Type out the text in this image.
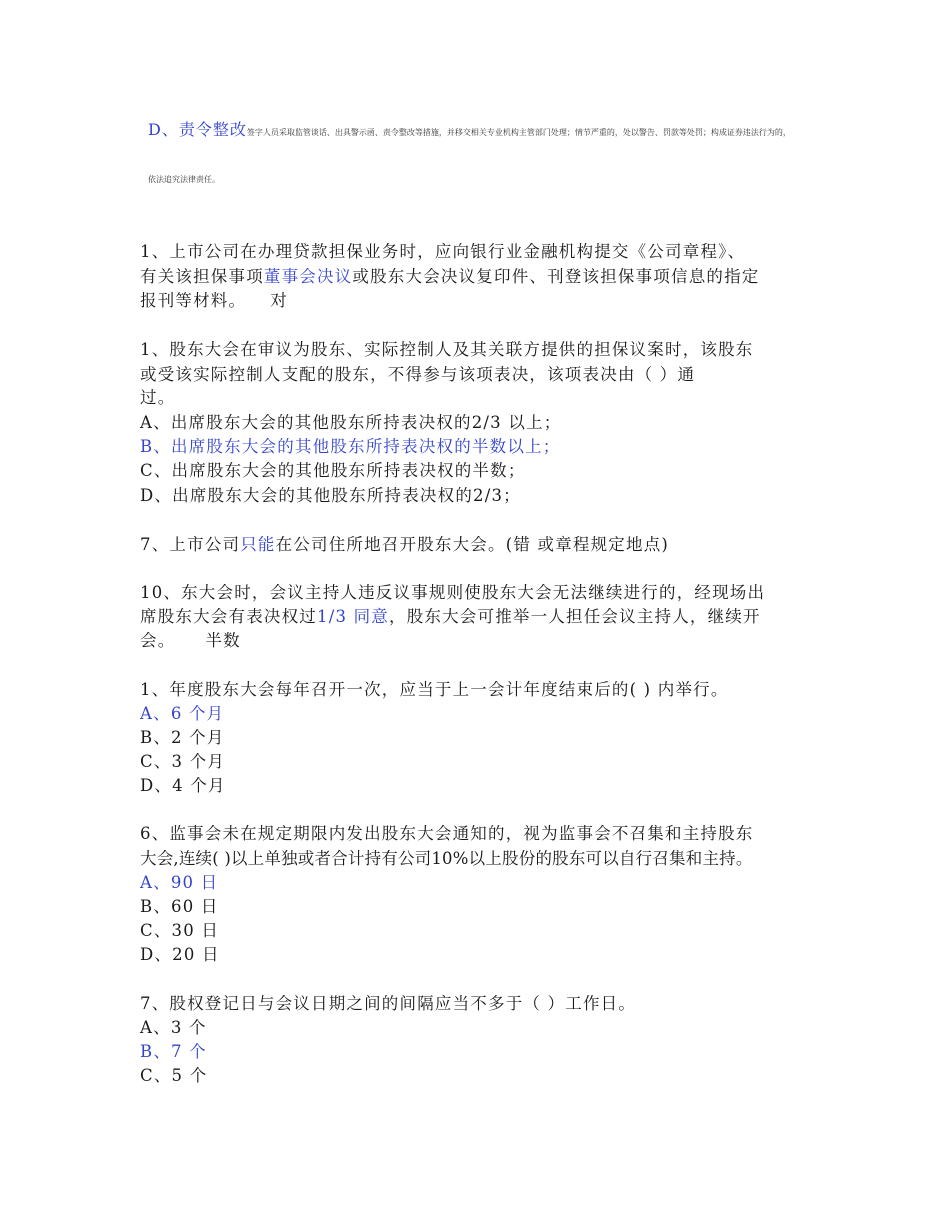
D、责令整改签字人员采取监管谈话、出具警示函、责令整改等措施，并移交相关专业机构主管部门处理；情节严重的，处以警告、罚款等处罚；构成证券违法行为的，
依法追究法律责任。
1、上市公司在办理贷款担保业务时，应向银行业金融机构提交《公司章程》、
有关该担保事项董事会决议或股东大会决议复印件、刊登该担保事项信息的指定
报刊等材料。 对
1、股东大会在审议为股东、实际控制人及其关联方提供的担保议案时，该股东
或受该实际控制人支配的股东，不得参与该项表决，该项表决由（ ）通
过。
A、出席股东大会的其他股东所持表决权的2/3 以上；
B、出席股东大会的其他股东所持表决权的半数以上；
C、出席股东大会的其他股东所持表决权的半数；
D、出席股东大会的其他股东所持表决权的2/3；
7、上市公司只能在公司住所地召开股东大会。(错 或章程规定地点)
10、东大会时，会议主持人违反议事规则使股东大会无法继续进行的，经现场出
席股东大会有表决权过1/3 同意，股东大会可推举一人担任会议主持人，继续开
会。 半数
1、年度股东大会每年召开一次，应当于上一会计年度结束后的( ) 内举行。
A、6 个月
B、2 个月
C、3 个月
D、4 个月
6、监事会未在规定期限内发出股东大会通知的，视为监事会不召集和主持股东
大会,连续( )以上单独或者合计持有公司10%以上股份的股东可以自行召集和主持。
A、90 日
B、60 日
C、30 日
D、20 日
7、股权登记日与会议日期之间的间隔应当不多于（ ）工作日。
A、3 个
B、7 个
C、5 个
